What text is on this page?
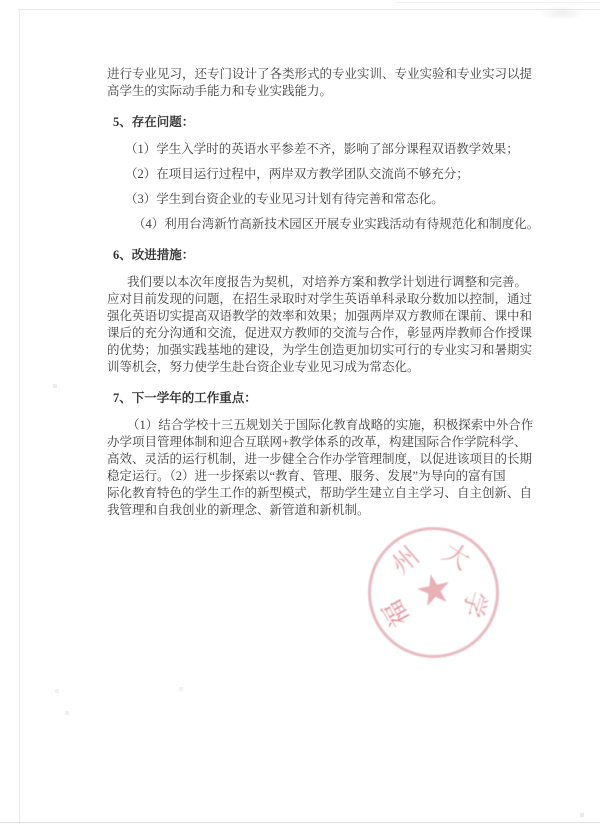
进行专业见习，还专门设计了各类形式的专业实训、专业实验和专业实习以提
高学生的实际动手能力和专业实践能力。
5、存在问题：
（1）学生入学时的英语水平参差不齐，影响了部分课程双语教学效果；
（2）在项目运行过程中，两岸双方教学团队交流尚不够充分；
（3）学生到台资企业的专业见习计划有待完善和常态化。
（4）利用台湾新竹高新技术园区开展专业实践活动有待规范化和制度化。
6、改进措施：
我们要以本次年度报告为契机，对培养方案和教学计划进行调整和完善。
应对目前发现的问题，在招生录取时对学生英语单科录取分数加以控制，通过
强化英语切实提高双语教学的效率和效果；加强两岸双方教师在课前、课中和
课后的充分沟通和交流，促进双方教师的交流与合作，彰显两岸教师合作授课
的优势；加强实践基地的建设，为学生创造更加切实可行的专业实习和暑期实
训等机会，努力使学生赴台资企业专业见习成为常态化。
7、下一学年的工作重点：
（1）结合学校十三五规划关于国际化教育战略的实施，积极探索中外合作
办学项目管理体制和迎合互联网+教学体系的改革，构建国际合作学院科学、
高效、灵活的运行机制，进一步健全合作办学管理制度，以促进该项目的长期
稳定运行。（2）进一步探索以“教育、管理、服务、发展”为导向的富有国
际化教育特色的学生工作的新型模式，帮助学生建立自主学习、自主创新、自
我管理和自我创业的新理念、新管道和新机制。
★
福
州 大
学
